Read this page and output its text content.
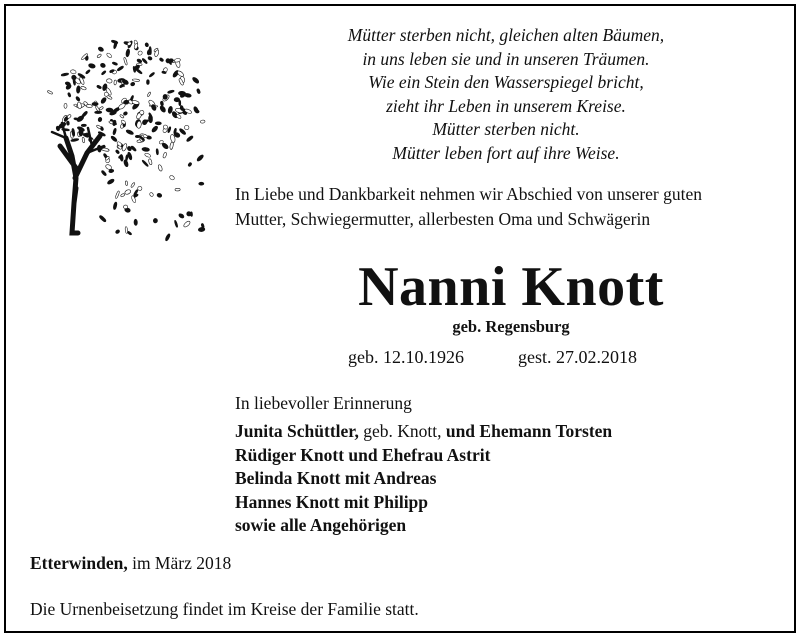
Mütter sterben nicht, gleichen alten Bäumen,
in uns leben sie und in unseren Träumen.
Wie ein Stein den Wasserspiegel bricht,
zieht ihr Leben in unserem Kreise.
Mütter sterben nicht.
Mütter leben fort auf ihre Weise.
In Liebe und Dankbarkeit nehmen wir Abschied von unserer guten
Mutter, Schwiegermutter, allerbesten Oma und Schwägerin
Nanni Knott
geb. Regensburg
geb. 12.10.1926	gest. 27.02.2018
In liebevoller Erinnerung
Junita Schüttler, geb. Knott, und Ehemann Torsten
Rüdiger Knott und Ehefrau Astrit
Belinda Knott mit Andreas
Hannes Knott mit Philipp
sowie alle Angehörigen
Etterwinden, im März 2018
Die Urnenbeisetzung findet im Kreise der Familie statt.
